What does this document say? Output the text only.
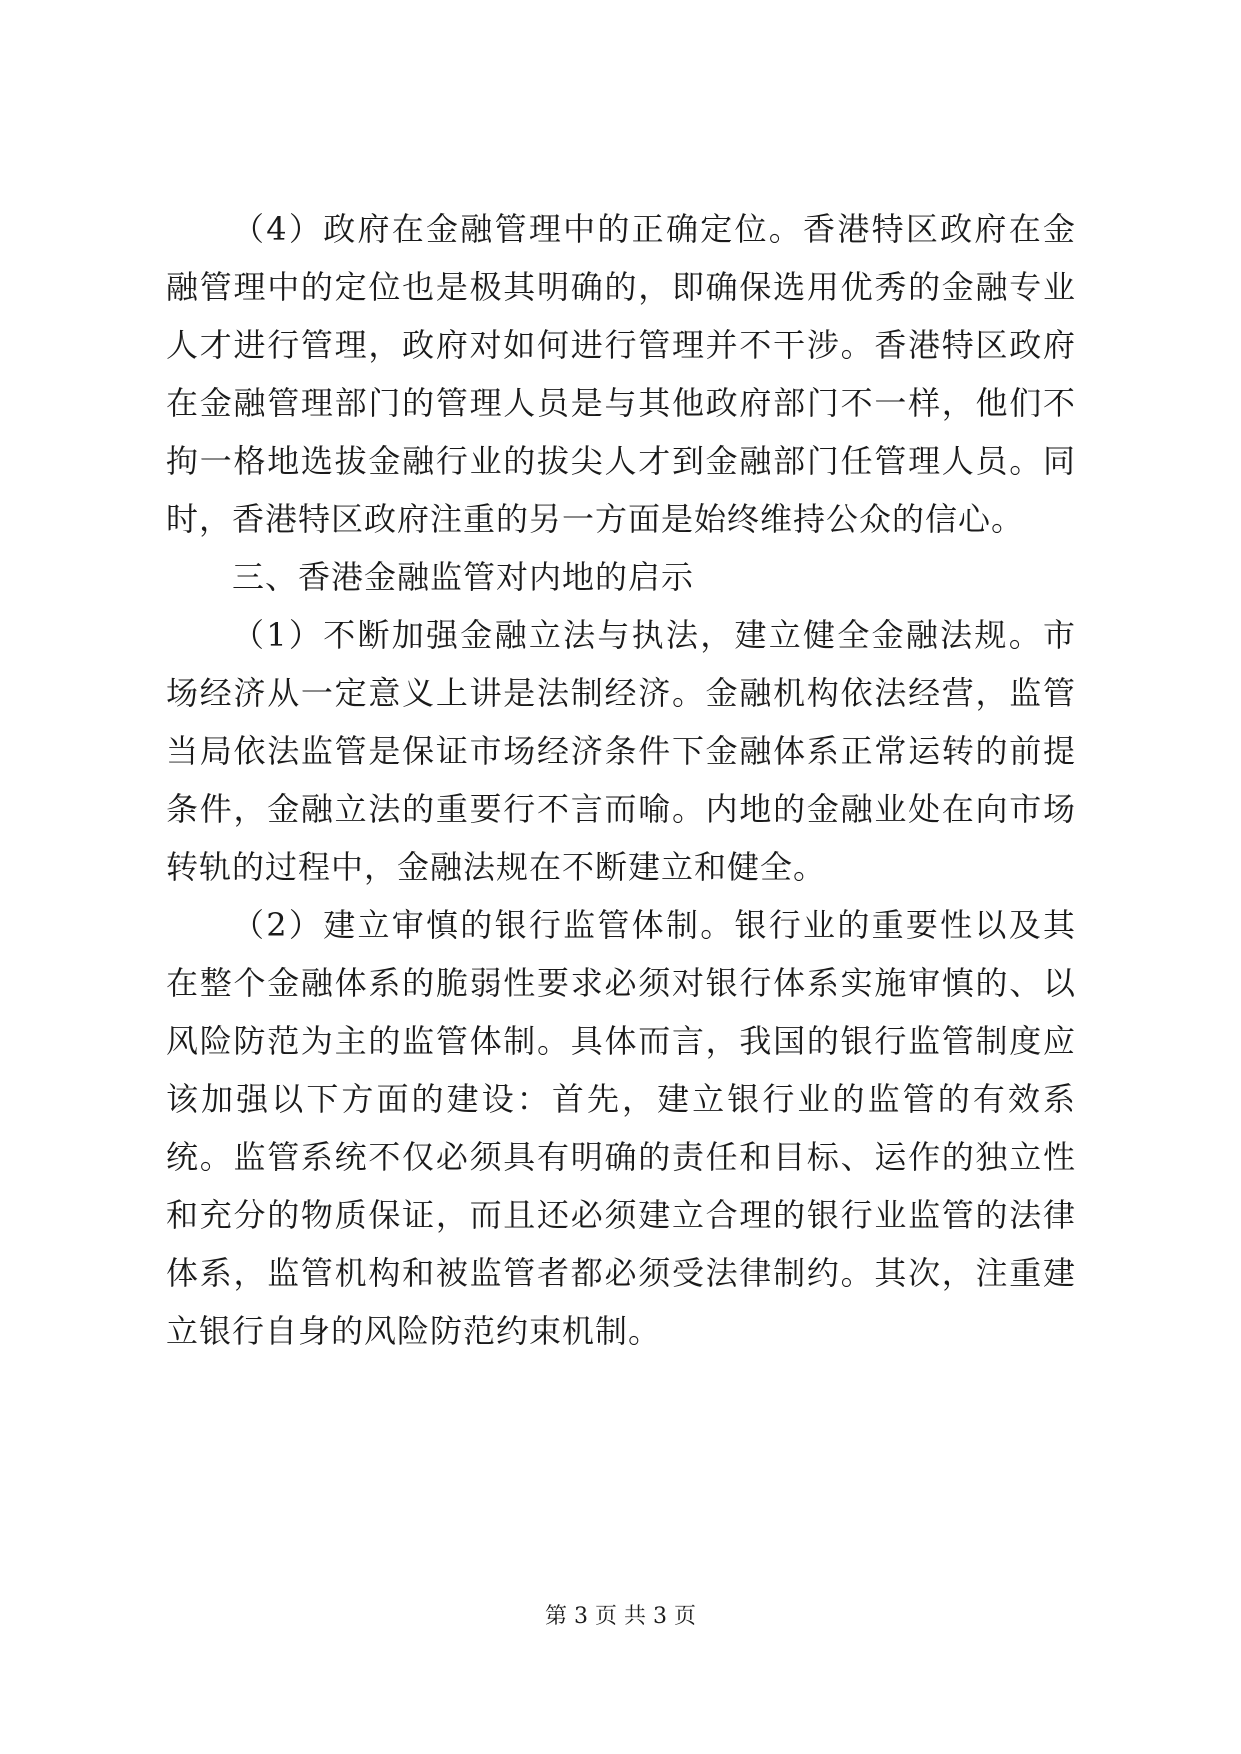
（4）政府在金融管理中的正确定位。香港特区政府在金融管理中的定位也是极其明确的，即确保选用优秀的金融专业人才进行管理，政府对如何进行管理并不干涉。香港特区政府在金融管理部门的管理人员是与其他政府部门不一样，他们不拘一格地选拔金融行业的拔尖人才到金融部门任管理人员。同时，香港特区政府注重的另一方面是始终维持公众的信心。

三、香港金融监管对内地的启示

（1）不断加强金融立法与执法，建立健全金融法规。市场经济从一定意义上讲是法制经济。金融机构依法经营，监管当局依法监管是保证市场经济条件下金融体系正常运转的前提条件，金融立法的重要行不言而喻。内地的金融业处在向市场转轨的过程中，金融法规在不断建立和健全。

（2）建立审慎的银行监管体制。银行业的重要性以及其在整个金融体系的脆弱性要求必须对银行体系实施审慎的、以风险防范为主的监管体制。具体而言，我国的银行监管制度应该加强以下方面的建设：首先，建立银行业的监管的有效系统。监管系统不仅必须具有明确的责任和目标、运作的独立性和充分的物质保证，而且还必须建立合理的银行业监管的法律体系，监管机构和被监管者都必须受法律制约。其次，注重建立银行自身的风险防范约束机制。

第 3 页 共 3 页
